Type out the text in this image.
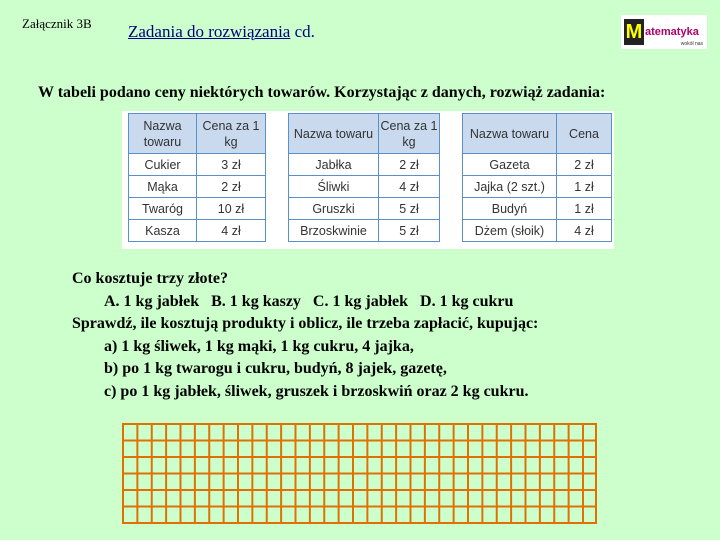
Załącznik 3B Zadania do rozwiązania cd.	M atematyka
wokół nas
W tabeli podano ceny niektórych towarów. Korzystając z danych, rozwiąż zadania:
Nazwa towaru	Cena za 1 kg
Cukier	3 zł
Mąka	2 zł
Twaróg	10 zł
Kasza	4 zł
Nazwa towaru	Cena za 1 kg
Jabłka	2 zł
Śliwki	4 zł
Gruszki	5 zł
Brzoskwinie	5 zł
Nazwa towaru	Cena
Gazeta	2 zł
Jajka (2 szt.)	1 zł
Budyń	1 zł
Dżem (słoik)	4 zł
Co kosztuje trzy złote?
A. 1 kg jabłek   B. 1 kg kaszy   C. 1 kg jabłek   D. 1 kg cukru
Sprawdź, ile kosztują produkty i oblicz, ile trzeba zapłacić, kupując:
a) 1 kg śliwek, 1 kg mąki, 1 kg cukru, 4 jajka,
b) po 1 kg twarogu i cukru, budyń, 8 jajek, gazetę,
c) po 1 kg jabłek, śliwek, gruszek i brzoskwiń oraz 2 kg cukru.
